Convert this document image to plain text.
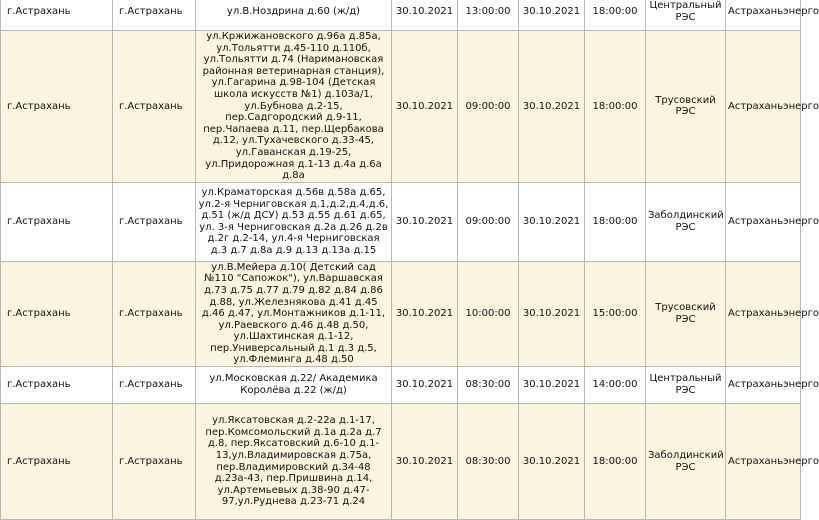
г.Астрахань	г.Астрахань	ул.В.Ноздрина д.60 (ж/д)	30.10.2021	13:00:00	30.10.2021	18:00:00	Центральный РЭС	Астраханьэнерго
г.Астрахань	г.Астрахань	ул.Кржижановского д.96а д.85а, ул.Тольятти д.45-110 д.110б, ул.Тольятти д.74 (Наримановская районная ветеринарная станция), ул.Гагарина д.98-104 (Детская школа искусств №1) д.103а/1, ул.Бубнова д.2-15, пер.Садгородский д.9-11, пер.Чапаева д.11, пер.Щербакова д.12, ул.Тухачевского д.33-45, ул.Гаванская д.19-25, ул.Придорожная д.1-13 д.4а д.6а д.8а	30.10.2021	09:00:00	30.10.2021	18:00:00	Трусовский РЭС	Астраханьэнерго
г.Астрахань	г.Астрахань	ул.Краматорская д.56в д.58а д.65, ул.2-я Черниговская д.1,д.2,д.4,д.6, д.51 (ж/д ДСУ) д.53 д.55 д.61 д.65, ул. 3-я Черниговская д.2а д.26 д.2в д.2г д.2-14, ул.4-я Черниговская д.3 д.7 д.8а д.9 д.13 д.13а д.15	30.10.2021	09:00:00	30.10.2021	18:00:00	Заболдинский РЭС	Астраханьэнерго
г.Астрахань	г.Астрахань	ул.В.Мейера д.10( Детский сад №110 "Сапожок"), ул.Варшавская д.73 д.75 д.77 д.79 д.82 д.84 д.86 д.88, ул.Железнякова д.41 д.45 д.46 д.47, ул.Монтажников д.1-11, ул.Раевского д.46 д.48 д.50, ул.Шахтинская д.1-12, пер.Универсальный д.1 д.3 д.5, ул.Флеминга д.48 д.50	30.10.2021	10:00:00	30.10.2021	15:00:00	Трусовский РЭС	Астраханьэнерго
г.Астрахань	г.Астрахань	ул.Московская д.22/ Академика Королёва д.22 (ж/д)	30.10.2021	08:30:00	30.10.2021	14:00:00	Центральный РЭС	Астраханьэнерго
г.Астрахань	г.Астрахань	ул.Яксатовская д.2-22а д.1-17, пер.Комсомольский д.1а д.2а д.7 д.8, пер.Яксатовский д.6-10 д.1-13,ул.Владимировская д.75а, пер.Владимировский д.34-48 д.23а-43, пер.Пришвина д.14, ул.Артемьевых д.38-90 д.47-97,ул.Руднева д.23-71 д.24	30.10.2021	08:30:00	30.10.2021	18:00:00	Заболдинский РЭС	Астраханьэнерго
